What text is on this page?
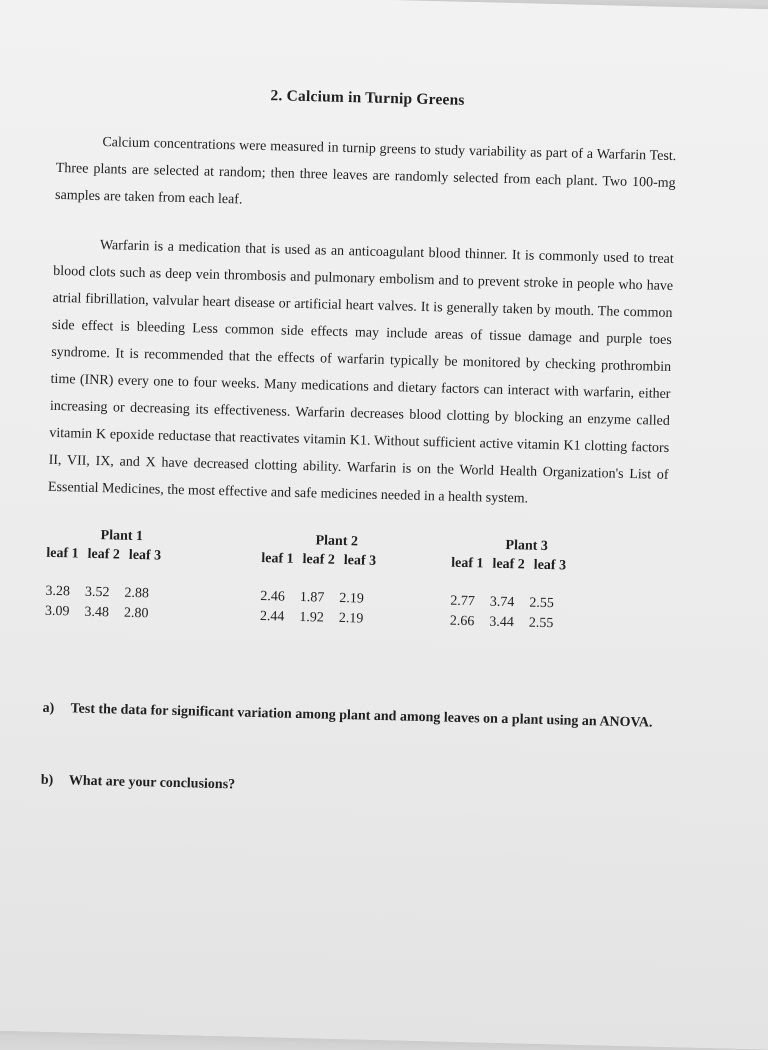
2. Calcium in Turnip Greens

Calcium concentrations were measured in turnip greens to study variability as part of a Warfarin Test. Three plants are selected at random; then three leaves are randomly selected from each plant. Two 100-mg samples are taken from each leaf.

Warfarin is a medication that is used as an anticoagulant blood thinner. It is commonly used to treat blood clots such as deep vein thrombosis and pulmonary embolism and to prevent stroke in people who have atrial fibrillation, valvular heart disease or artificial heart valves. It is generally taken by mouth. The common side effect is bleeding Less common side effects may include areas of tissue damage and purple toes syndrome. It is recommended that the effects of warfarin typically be monitored by checking prothrombin time (INR) every one to four weeks. Many medications and dietary factors can interact with warfarin, either increasing or decreasing its effectiveness. Warfarin decreases blood clotting by blocking an enzyme called vitamin K epoxide reductase that reactivates vitamin K1. Without sufficient active vitamin K1 clotting factors II, VII, IX, and X have decreased clotting ability. Warfarin is on the World Health Organization's List of Essential Medicines, the most effective and safe medicines needed in a health system.

Plant 1
leaf 1 leaf 2 leaf 3
3.28 3.52 2.88
3.09 3.48 2.80
Plant 2
leaf 1 leaf 2 leaf 3
2.46 1.87 2.19
2.44 1.92 2.19
Plant 3
leaf 1 leaf 2 leaf 3
2.77 3.74 2.55
2.66 3.44 2.55
a)	Test the data for significant variation among plant and among leaves on a plant using an ANOVA.
b)	What are your conclusions?
